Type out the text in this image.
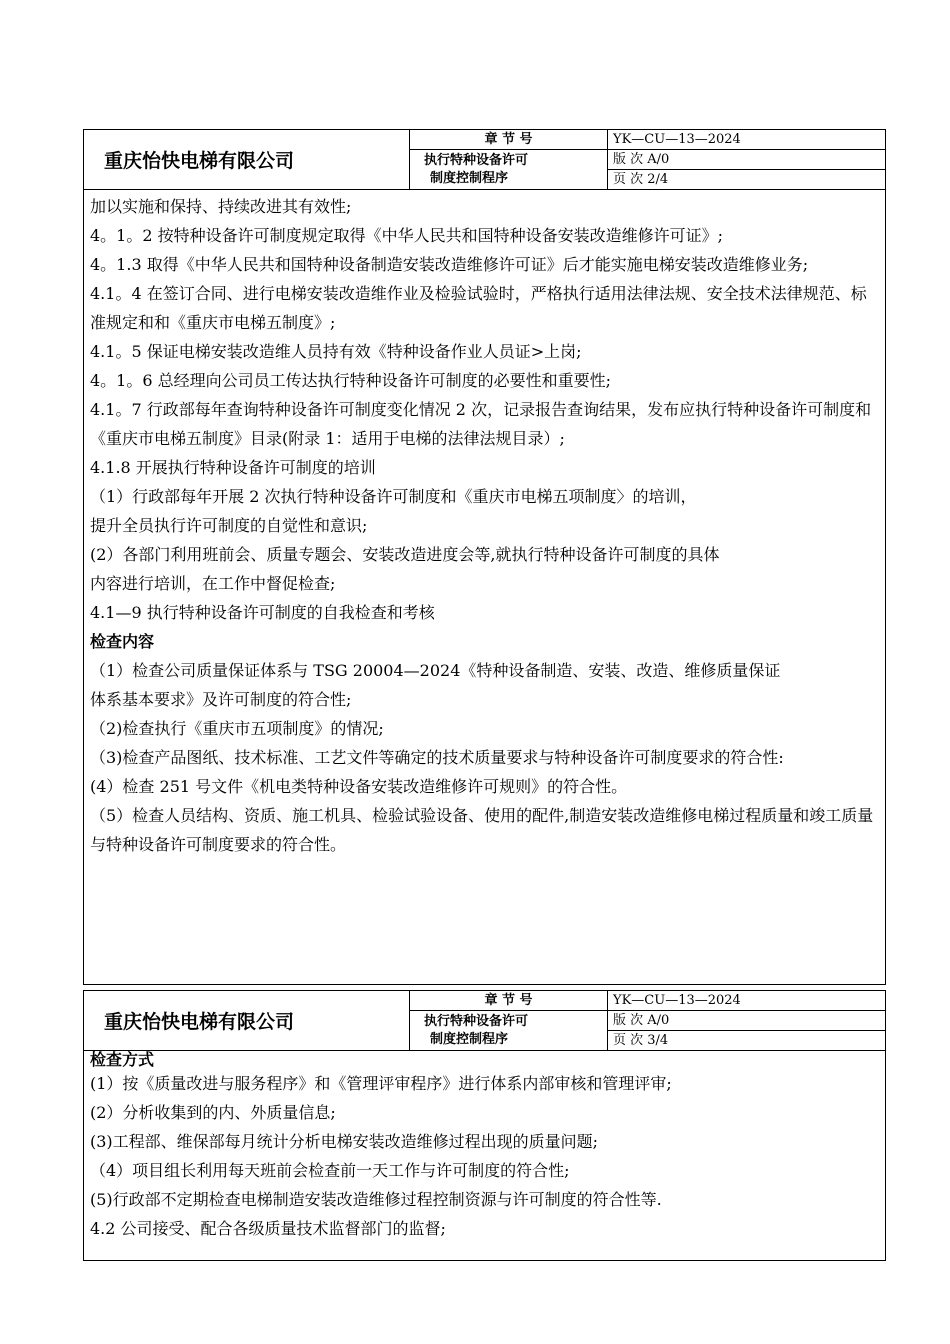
重庆怡快电梯有限公司
章 节 号
执行特种设备许可
制度控制程序
YK—CU—13—2024
版 次 A/0
页 次 2/4

加以实施和保持、持续改进其有效性;

4。1。2 按特种设备许可制度规定取得《中华人民共和国特种设备安装改造维修许可证》;

4。1.3 取得《中华人民共和国特种设备制造安装改造维修许可证》后才能实施电梯安装改造维修业务;

4.1。4 在签订合同、进行电梯安装改造维作业及检验试验时，严格执行适用法律法规、安全技术法律规范、标准规定和和《重庆市电梯五制度》;

4.1。5 保证电梯安装改造维人员持有效《特种设备作业人员证>上岗;

4。1。6 总经理向公司员工传达执行特种设备许可制度的必要性和重要性;

4.1。7 行政部每年查询特种设备许可制度变化情况 2 次，记录报告查询结果，发布应执行特种设备许可制度和《重庆市电梯五制度》目录(附录 1：适用于电梯的法律法规目录）;

4.1.8 开展执行特种设备许可制度的培训

（1）行政部每年开展 2 次执行特种设备许可制度和《重庆市电梯五项制度〉的培训，

提升全员执行许可制度的自觉性和意识;

(2）各部门利用班前会、质量专题会、安装改造进度会等,就执行特种设备许可制度的具体

内容进行培训，在工作中督促检查;

4.1—9 执行特种设备许可制度的自我检查和考核

检查内容

（1）检查公司质量保证体系与 TSG 20004—2024《特种设备制造、安装、改造、维修质量保证

体系基本要求》及许可制度的符合性;

（2)检查执行《重庆市五项制度》的情况;

（3)检查产品图纸、技术标准、工艺文件等确定的技术质量要求与特种设备许可制度要求的符合性:

(4）检查 251 号文件《机电类特种设备安装改造维修许可规则》的符合性。

（5）检查人员结构、资质、施工机具、检验试验设备、使用的配件,制造安装改造维修电梯过程质量和竣工质量与特种设备许可制度要求的符合性。

重庆怡快电梯有限公司
章 节 号
执行特种设备许可
制度控制程序
YK—CU—13—2024
版 次 A/0
页 次 3/4

检查方式

(1）按《质量改进与服务程序》和《管理评审程序》进行体系内部审核和管理评审;

(2）分析收集到的内、外质量信息;

(3)工程部、维保部每月统计分析电梯安装改造维修过程出现的质量问题;

（4）项目组长利用每天班前会检查前一天工作与许可制度的符合性;

(5)行政部不定期检查电梯制造安装改造维修过程控制资源与许可制度的符合性等.

4.2 公司接受、配合各级质量技术监督部门的监督;
